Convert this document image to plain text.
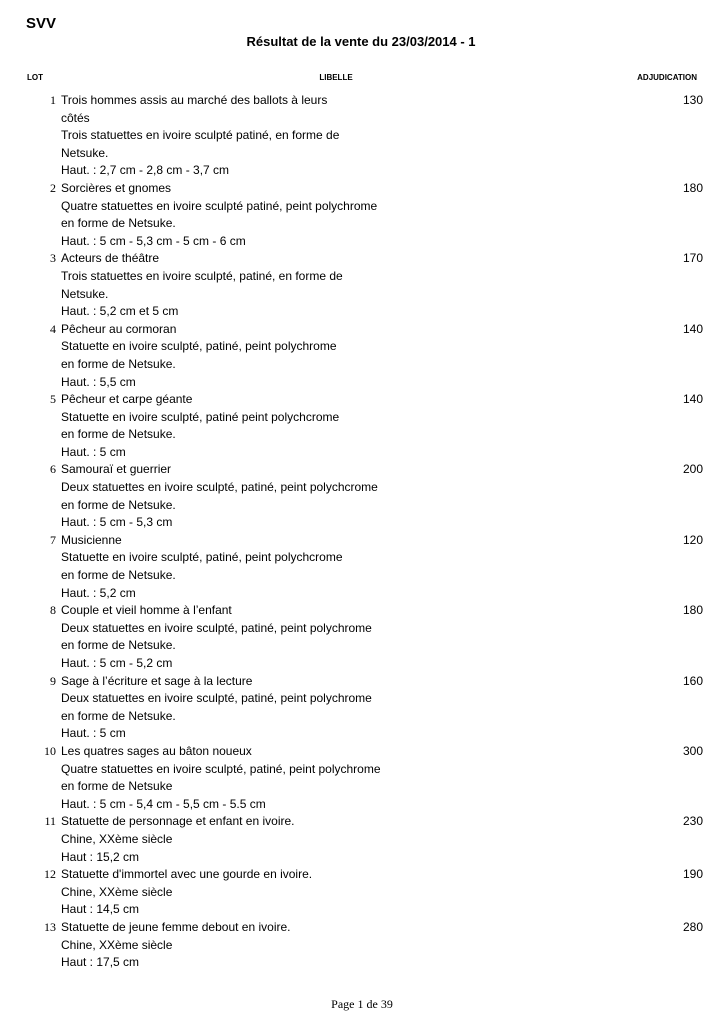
SVV
Résultat de la vente du 23/03/2014 - 1
LOT	LIBELLE	ADJUDICATION
1 Trois hommes assis au marché des ballots à leurs
côtés
Trois statuettes en ivoire sculpté patiné, en forme de
Netsuke.
Haut. : 2,7 cm - 2,8 cm - 3,7 cm
130
2 Sorcières et gnomes
Quatre statuettes en ivoire sculpté patiné, peint polychrome
en forme de Netsuke.
Haut. : 5 cm - 5,3 cm - 5 cm - 6 cm
180
3 Acteurs de théâtre
Trois statuettes en ivoire sculpté, patiné, en forme de
Netsuke.
Haut. : 5,2 cm et 5 cm
170
4 Pêcheur au cormoran
Statuette en ivoire sculpté, patiné, peint polychrome
en forme de Netsuke.
Haut. : 5,5 cm
140
5 Pêcheur et carpe géante
Statuette en ivoire sculpté, patiné peint polychcrome
en forme de Netsuke.
Haut. : 5 cm
140
6 Samouraï et guerrier
Deux statuettes en ivoire sculpté, patiné, peint polychcrome
en forme de Netsuke.
Haut. : 5 cm - 5,3 cm
200
7 Musicienne
Statuette en ivoire sculpté, patiné, peint polychcrome
en forme de Netsuke.
Haut. : 5,2 cm
120
8 Couple et vieil homme à l’enfant
Deux statuettes en ivoire sculpté, patiné, peint polychrome
en forme de Netsuke.
Haut. : 5 cm - 5,2 cm
180
9 Sage à l’écriture et sage à la lecture
Deux statuettes en ivoire sculpté, patiné, peint polychrome
en forme de Netsuke.
Haut. : 5 cm
160
10 Les quatres sages au bâton noueux
Quatre statuettes en ivoire sculpté, patiné, peint polychrome
en forme de Netsuke
Haut. : 5 cm - 5,4 cm - 5,5 cm - 5.5 cm
300
11 Statuette de personnage et enfant en ivoire.
Chine, XXème siècle
Haut : 15,2 cm
230
12 Statuette d'immortel avec une gourde en ivoire.
Chine, XXème siècle
Haut : 14,5 cm
190
13 Statuette de jeune femme debout en ivoire.
Chine, XXème siècle
Haut : 17,5 cm
280
Page 1 de 39
